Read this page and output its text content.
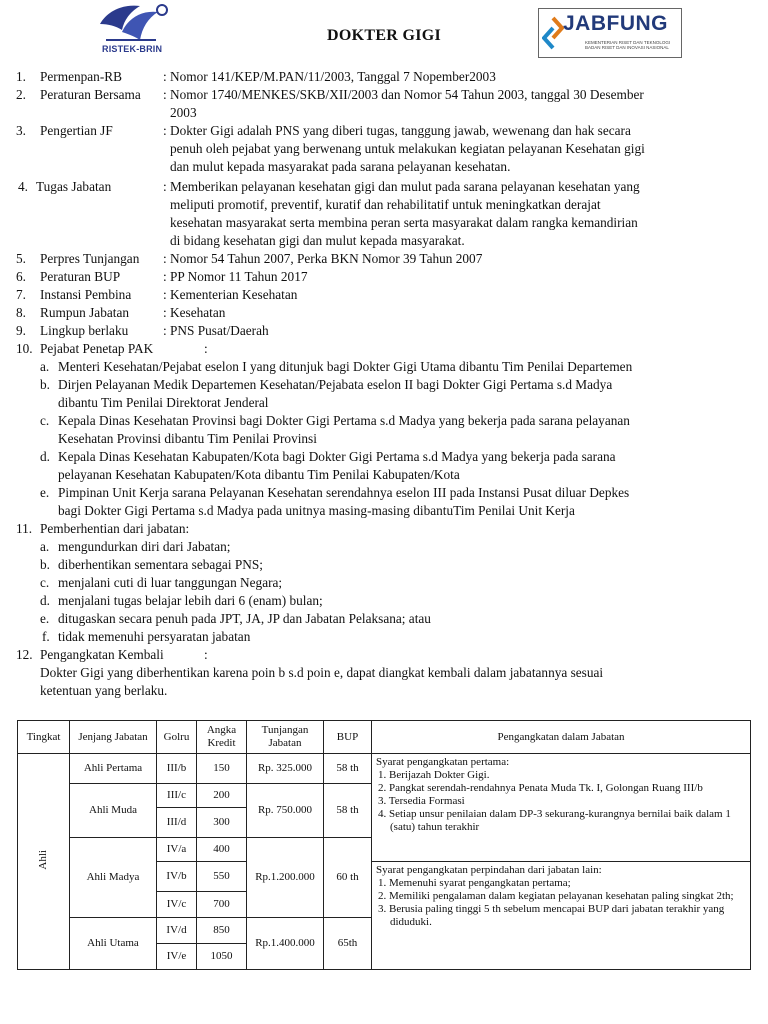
RISTEK-BRIN
DOKTER GIGI
JABFUNG
KEMENTERIAN RISET DAN TEKNOLOGI BADAN RISET DAN INOVASI NASIONAL
1. Permenpan-RB	: Nomor 141/KEP/M.PAN/11/2003, Tanggal 7 Nopember2003
2. Peraturan Bersama : Nomor 1740/MENKES/SKB/XII/2003 dan Nomor 54 Tahun 2003, tanggal 30 Desember
2003
3. Pengertian JF	: Dokter Gigi adalah PNS yang diberi tugas, tanggung jawab, wewenang dan hak secara
penuh oleh pejabat yang berwenang untuk melakukan kegiatan pelayanan Kesehatan gigi
dan mulut kepada masyarakat pada sarana pelayanan kesehatan.
4. Tugas Jabatan	: Memberikan pelayanan kesehatan gigi dan mulut pada sarana pelayanan kesehatan yang
meliputi promotif, preventif, kuratif dan rehabilitatif untuk meningkatkan derajat
kesehatan masyarakat serta membina peran serta masyarakat dalam rangka kemandirian
di bidang kesehatan gigi dan mulut kepada masyarakat.
5. Perpres Tunjangan : Nomor 54 Tahun 2007, Perka BKN Nomor 39 Tahun 2007
6. Peraturan BUP	: PP Nomor 11 Tahun 2017
7. Instansi Pembina : Kementerian Kesehatan
8. Rumpun Jabatan	: Kesehatan
9. Lingkup berlaku	: PNS Pusat/Daerah
10. Pejabat Penetap PAK	:
a. Menteri Kesehatan/Pejabat eselon I yang ditunjuk bagi Dokter Gigi Utama dibantu Tim Penilai Departemen
b. Dirjen Pelayanan Medik Departemen Kesehatan/Pejabata eselon II bagi Dokter Gigi Pertama s.d Madya
dibantu Tim Penilai Direktorat Jenderal
c. Kepala Dinas Kesehatan Provinsi bagi Dokter Gigi Pertama s.d Madya yang bekerja pada sarana pelayanan
Kesehatan Provinsi dibantu Tim Penilai Provinsi
d. Kepala Dinas Kesehatan Kabupaten/Kota bagi Dokter Gigi Pertama s.d Madya yang bekerja pada sarana
pelayanan Kesehatan Kabupaten/Kota dibantu Tim Penilai Kabupaten/Kota
e. Pimpinan Unit Kerja sarana Pelayanan Kesehatan serendahnya eselon III pada Instansi Pusat diluar Depkes
bagi Dokter Gigi Pertama s.d Madya pada unitnya masing-masing dibantuTim Penilai Unit Kerja
11. Pemberhentian dari jabatan:
a. mengundurkan diri dari Jabatan;
b. diberhentikan sementara sebagai PNS;
c. menjalani cuti di luar tanggungan Negara;
d. menjalani tugas belajar lebih dari 6 (enam) bulan;
e. ditugaskan secara penuh pada JPT, JA, JP dan Jabatan Pelaksana; atau
f. tidak memenuhi persyaratan jabatan
12. Pengangkatan Kembali	:
Dokter Gigi yang diberhentikan karena poin b s.d poin e, dapat diangkat kembali dalam jabatannya sesuai
ketentuan yang berlaku.
Tingkat	Jenjang Jabatan	Golru	Angka Kredit	Tunjangan Jabatan	BUP	Pengangkatan dalam Jabatan
Ahli	Ahli Pertama	III/b	150	Rp. 325.000	58 th	Syarat pengangkatan pertama:
1. Berijazah Dokter Gigi.
2. Pangkat serendah-rendahnya Penata Muda Tk. I, Golongan Ruang III/b
3. Tersedia Formasi
4. Setiap unsur penilaian dalam DP-3 sekurang-kurangnya bernilai baik dalam 1 (satu) tahun terakhir

	Ahli Muda	III/c	200	Rp. 750.000	58 th	
		III/d	300			
	Ahli Madya	IV/a	400	Rp.1.200.000	60 th	
		IV/b	550			Syarat pengangkatan perpindahan dari jabatan lain:
1. Memenuhi syarat pengangkatan pertama;
2. Memiliki pengalaman dalam kegiatan pelayanan kesehatan paling singkat 2th;
3. Berusia paling tinggi 5 th sebelum mencapai BUP dari jabatan terakhir yang diduduki.

		IV/c	700			
	Ahli Utama	IV/d	850	Rp.1.400.000	65th	
		IV/e	1050			
